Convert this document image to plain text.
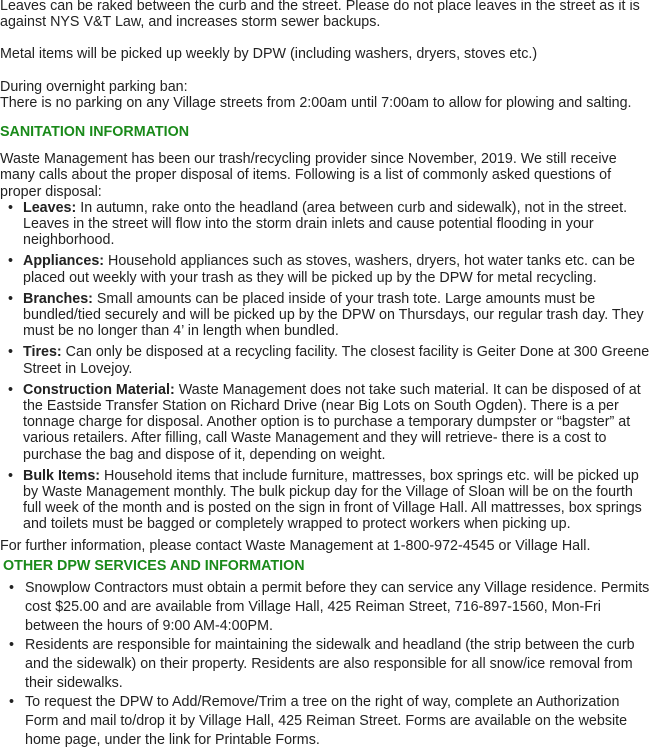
Leaves can be raked between the curb and the street. Please do not place leaves in the street as it is against NYS V&T Law, and increases storm sewer backups.

Metal items will be picked up weekly by DPW (including washers, dryers, stoves etc.)

During overnight parking ban:

There is no parking on any Village streets from 2:00am until 7:00am to allow for plowing and salting.

SANITATION INFORMATION

Waste Management has been our trash/recycling provider since November, 2019. We still receive many calls about the proper disposal of items. Following is a list of commonly asked questions of proper disposal:

• Leaves: In autumn, rake onto the headland (area between curb and sidewalk), not in the street. Leaves in the street will flow into the storm drain inlets and cause potential flooding in your neighborhood.
• Appliances: Household appliances such as stoves, washers, dryers, hot water tanks etc. can be placed out weekly with your trash as they will be picked up by the DPW for metal recycling.
• Branches: Small amounts can be placed inside of your trash tote. Large amounts must be bundled/tied securely and will be picked up by the DPW on Thursdays, our regular trash day. They must be no longer than 4’ in length when bundled.
• Tires: Can only be disposed at a recycling facility. The closest facility is Geiter Done at 300 Greene Street in Lovejoy.
• Construction Material: Waste Management does not take such material. It can be disposed of at the Eastside Transfer Station on Richard Drive (near Big Lots on South Ogden). There is a per tonnage charge for disposal. Another option is to purchase a temporary dumpster or “bagster” at various retailers. After filling, call Waste Management and they will retrieve- there is a cost to purchase the bag and dispose of it, depending on weight.
• Bulk Items: Household items that include furniture, mattresses, box springs etc. will be picked up by Waste Management monthly. The bulk pickup day for the Village of Sloan will be on the fourth full week of the month and is posted on the sign in front of Village Hall. All mattresses, box springs and toilets must be bagged or completely wrapped to protect workers when picking up.

For further information, please contact Waste Management at 1-800-972-4545 or Village Hall.

OTHER DPW SERVICES AND INFORMATION

• Snowplow Contractors must obtain a permit before they can service any Village residence. Permits cost $25.00 and are available from Village Hall, 425 Reiman Street, 716-897-1560, Mon-Fri between the hours of 9:00 AM-4:00PM.
• Residents are responsible for maintaining the sidewalk and headland (the strip between the curb and the sidewalk) on their property. Residents are also responsible for all snow/ice removal from their sidewalks.
• To request the DPW to Add/Remove/Trim a tree on the right of way, complete an Authorization Form and mail to/drop it by Village Hall, 425 Reiman Street. Forms are available on the website home page, under the link for Printable Forms.
